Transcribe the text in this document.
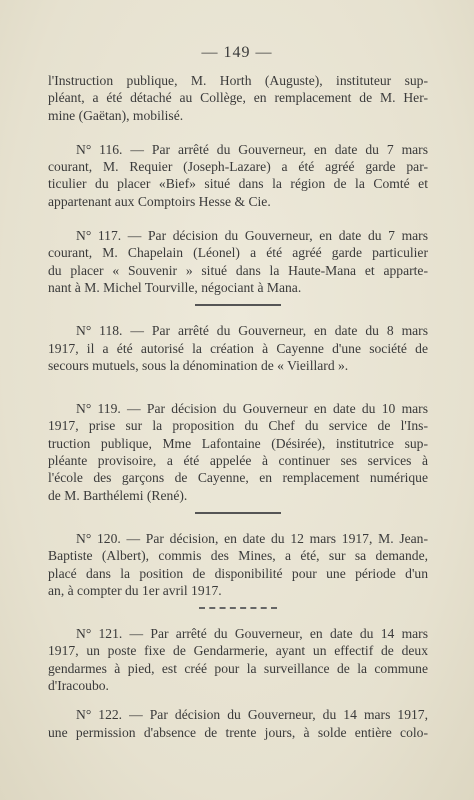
— 149 —
l'Instruction publique, M. Horth (Auguste), instituteur sup-
pléant, a été détaché au Collège, en remplacement de M. Her-
mine (Gaëtan), mobilisé.
N° 116. — Par arrêté du Gouverneur, en date du 7 mars
courant, M. Requier (Joseph-Lazare) a été agréé garde par-
ticulier du placer «Bief» situé dans la région de la Comté et
appartenant aux Comptoirs Hesse & Cie.
N° 117. — Par décision du Gouverneur, en date du 7 mars
courant, M. Chapelain (Léonel) a été agréé garde particulier
du placer « Souvenir » situé dans la Haute-Mana et apparte-
nant à M. Michel Tourville, négociant à Mana.
N° 118. — Par arrêté du Gouverneur, en date du 8 mars
1917, il a été autorisé la création à Cayenne d'une société de
secours mutuels, sous la dénomination de « Vieillard ».
N° 119. — Par décision du Gouverneur en date du 10 mars
1917, prise sur la proposition du Chef du service de l'Ins-
truction publique, Mme Lafontaine (Désirée), institutrice sup-
pléante provisoire, a été appelée à continuer ses services à
l'école des garçons de Cayenne, en remplacement numérique
de M. Barthélemi (René).
N° 120. — Par décision, en date du 12 mars 1917, M. Jean-
Baptiste (Albert), commis des Mines, a été, sur sa demande,
placé dans la position de disponibilité pour une période d'un
an, à compter du 1er avril 1917.
N° 121. — Par arrêté du Gouverneur, en date du 14 mars
1917, un poste fixe de Gendarmerie, ayant un effectif de deux
gendarmes à pied, est créé pour la surveillance de la commune
d'Iracoubo.
N° 122. — Par décision du Gouverneur, du 14 mars 1917,
une permission d'absence de trente jours, à solde entière colo-
